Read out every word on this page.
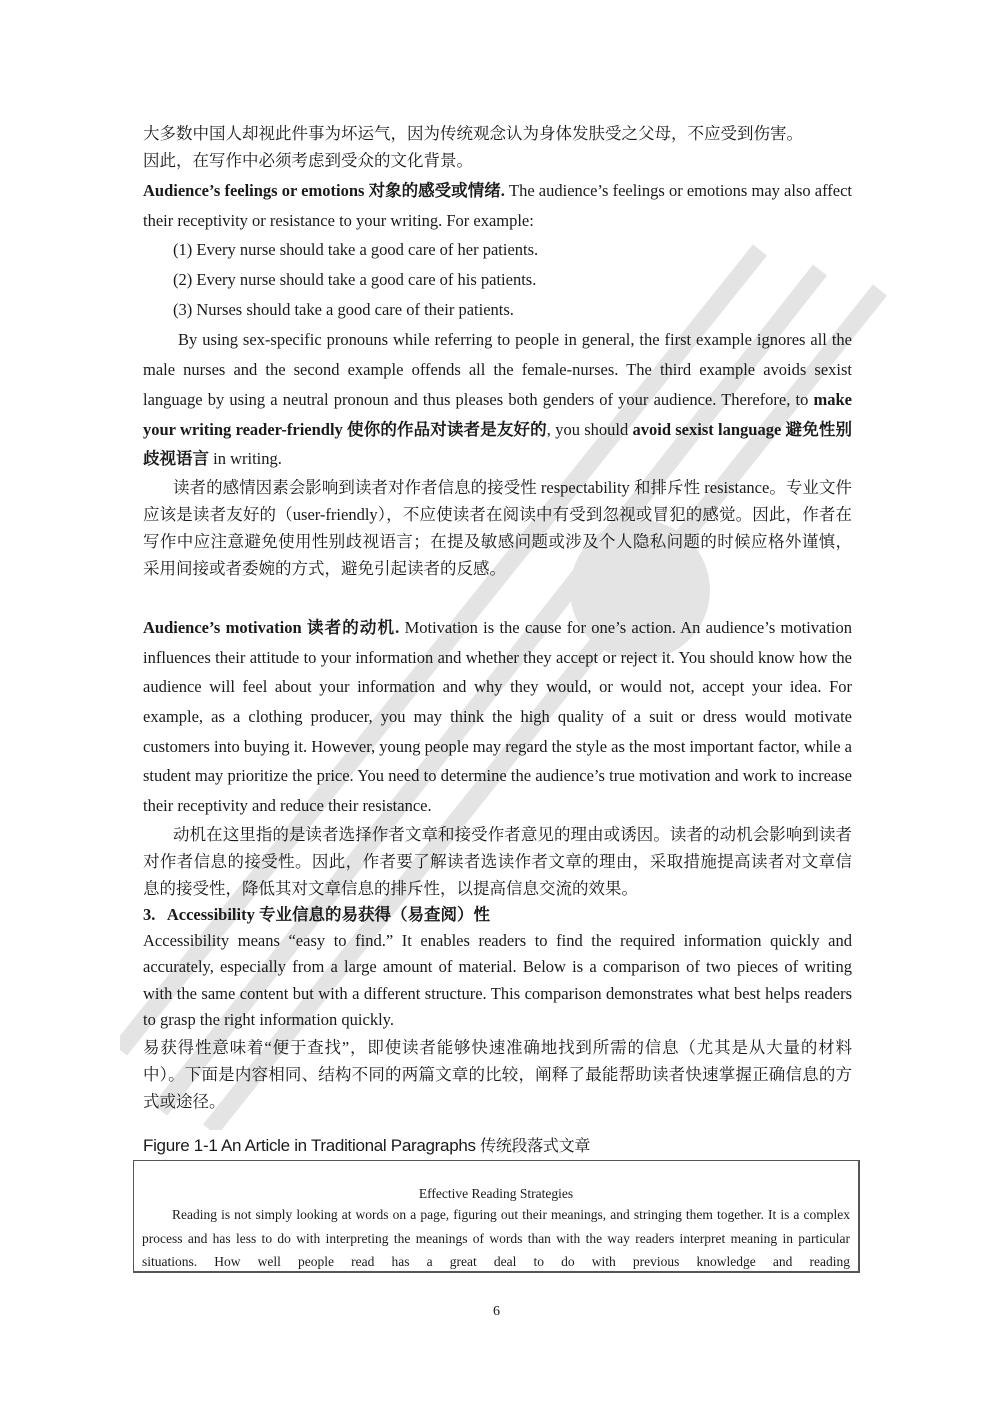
大多数中国人却视此件事为坏运气，因为传统观念认为身体发肤受之父母，不应受到伤害。
因此，在写作中必须考虑到受众的文化背景。
Audience’s feelings or emotions 对象的感受或情绪. The audience’s feelings or emotions may also affect their receptivity or resistance to your writing. For example:
(1) Every nurse should take a good care of her patients.
(2) Every nurse should take a good care of his patients.
(3) Nurses should take a good care of their patients.
By using sex-specific pronouns while referring to people in general, the first example ignores all the male nurses and the second example offends all the female-nurses. The third example avoids sexist language by using a neutral pronoun and thus pleases both genders of your audience. Therefore, to make your writing reader-friendly 使你的作品对读者是友好的, you should avoid sexist language 避免性别歧视语言 in writing.
读者的感情因素会影响到读者对作者信息的接受性 respectability 和排斥性 resistance。专业文件应该是读者友好的（user-friendly），不应使读者在阅读中有受到忽视或冒犯的感觉。因此，作者在写作中应注意避免使用性别歧视语言；在提及敏感问题或涉及个人隐私问题的时候应格外谨慎，采用间接或者委婉的方式，避免引起读者的反感。
Audience’s motivation 读者的动机. Motivation is the cause for one’s action. An audience’s motivation influences their attitude to your information and whether they accept or reject it. You should know how the audience will feel about your information and why they would, or would not, accept your idea. For example, as a clothing producer, you may think the high quality of a suit or dress would motivate customers into buying it. However, young people may regard the style as the most important factor, while a student may prioritize the price. You need to determine the audience’s true motivation and work to increase their receptivity and reduce their resistance.
动机在这里指的是读者选择作者文章和接受作者意见的理由或诱因。读者的动机会影响到读者对作者信息的接受性。因此，作者要了解读者选读作者文章的理由，采取措施提高读者对文章信息的接受性，降低其对文章信息的排斥性，以提高信息交流的效果。
3.   Accessibility 专业信息的易获得（易查阅）性
Accessibility means “easy to find.” It enables readers to find the required information quickly and accurately, especially from a large amount of material. Below is a comparison of two pieces of writing with the same content but with a different structure. This comparison demonstrates what best helps readers to grasp the right information quickly.
易获得性意味着“便于查找”，即使读者能够快速准确地找到所需的信息（尤其是从大量的材料中）。下面是内容相同、结构不同的两篇文章的比较，阐释了最能帮助读者快速掌握正确信息的方式或途径。
Figure 1-1 An Article in Traditional Paragraphs 传统段落式文章
Effective Reading Strategies
Reading is not simply looking at words on a page, figuring out their meanings, and stringing them together. It is a complex process and has less to do with interpreting the meanings of words than with the way readers interpret meaning in particular situations. How well people read has a great deal to do with previous knowledge and reading
6
